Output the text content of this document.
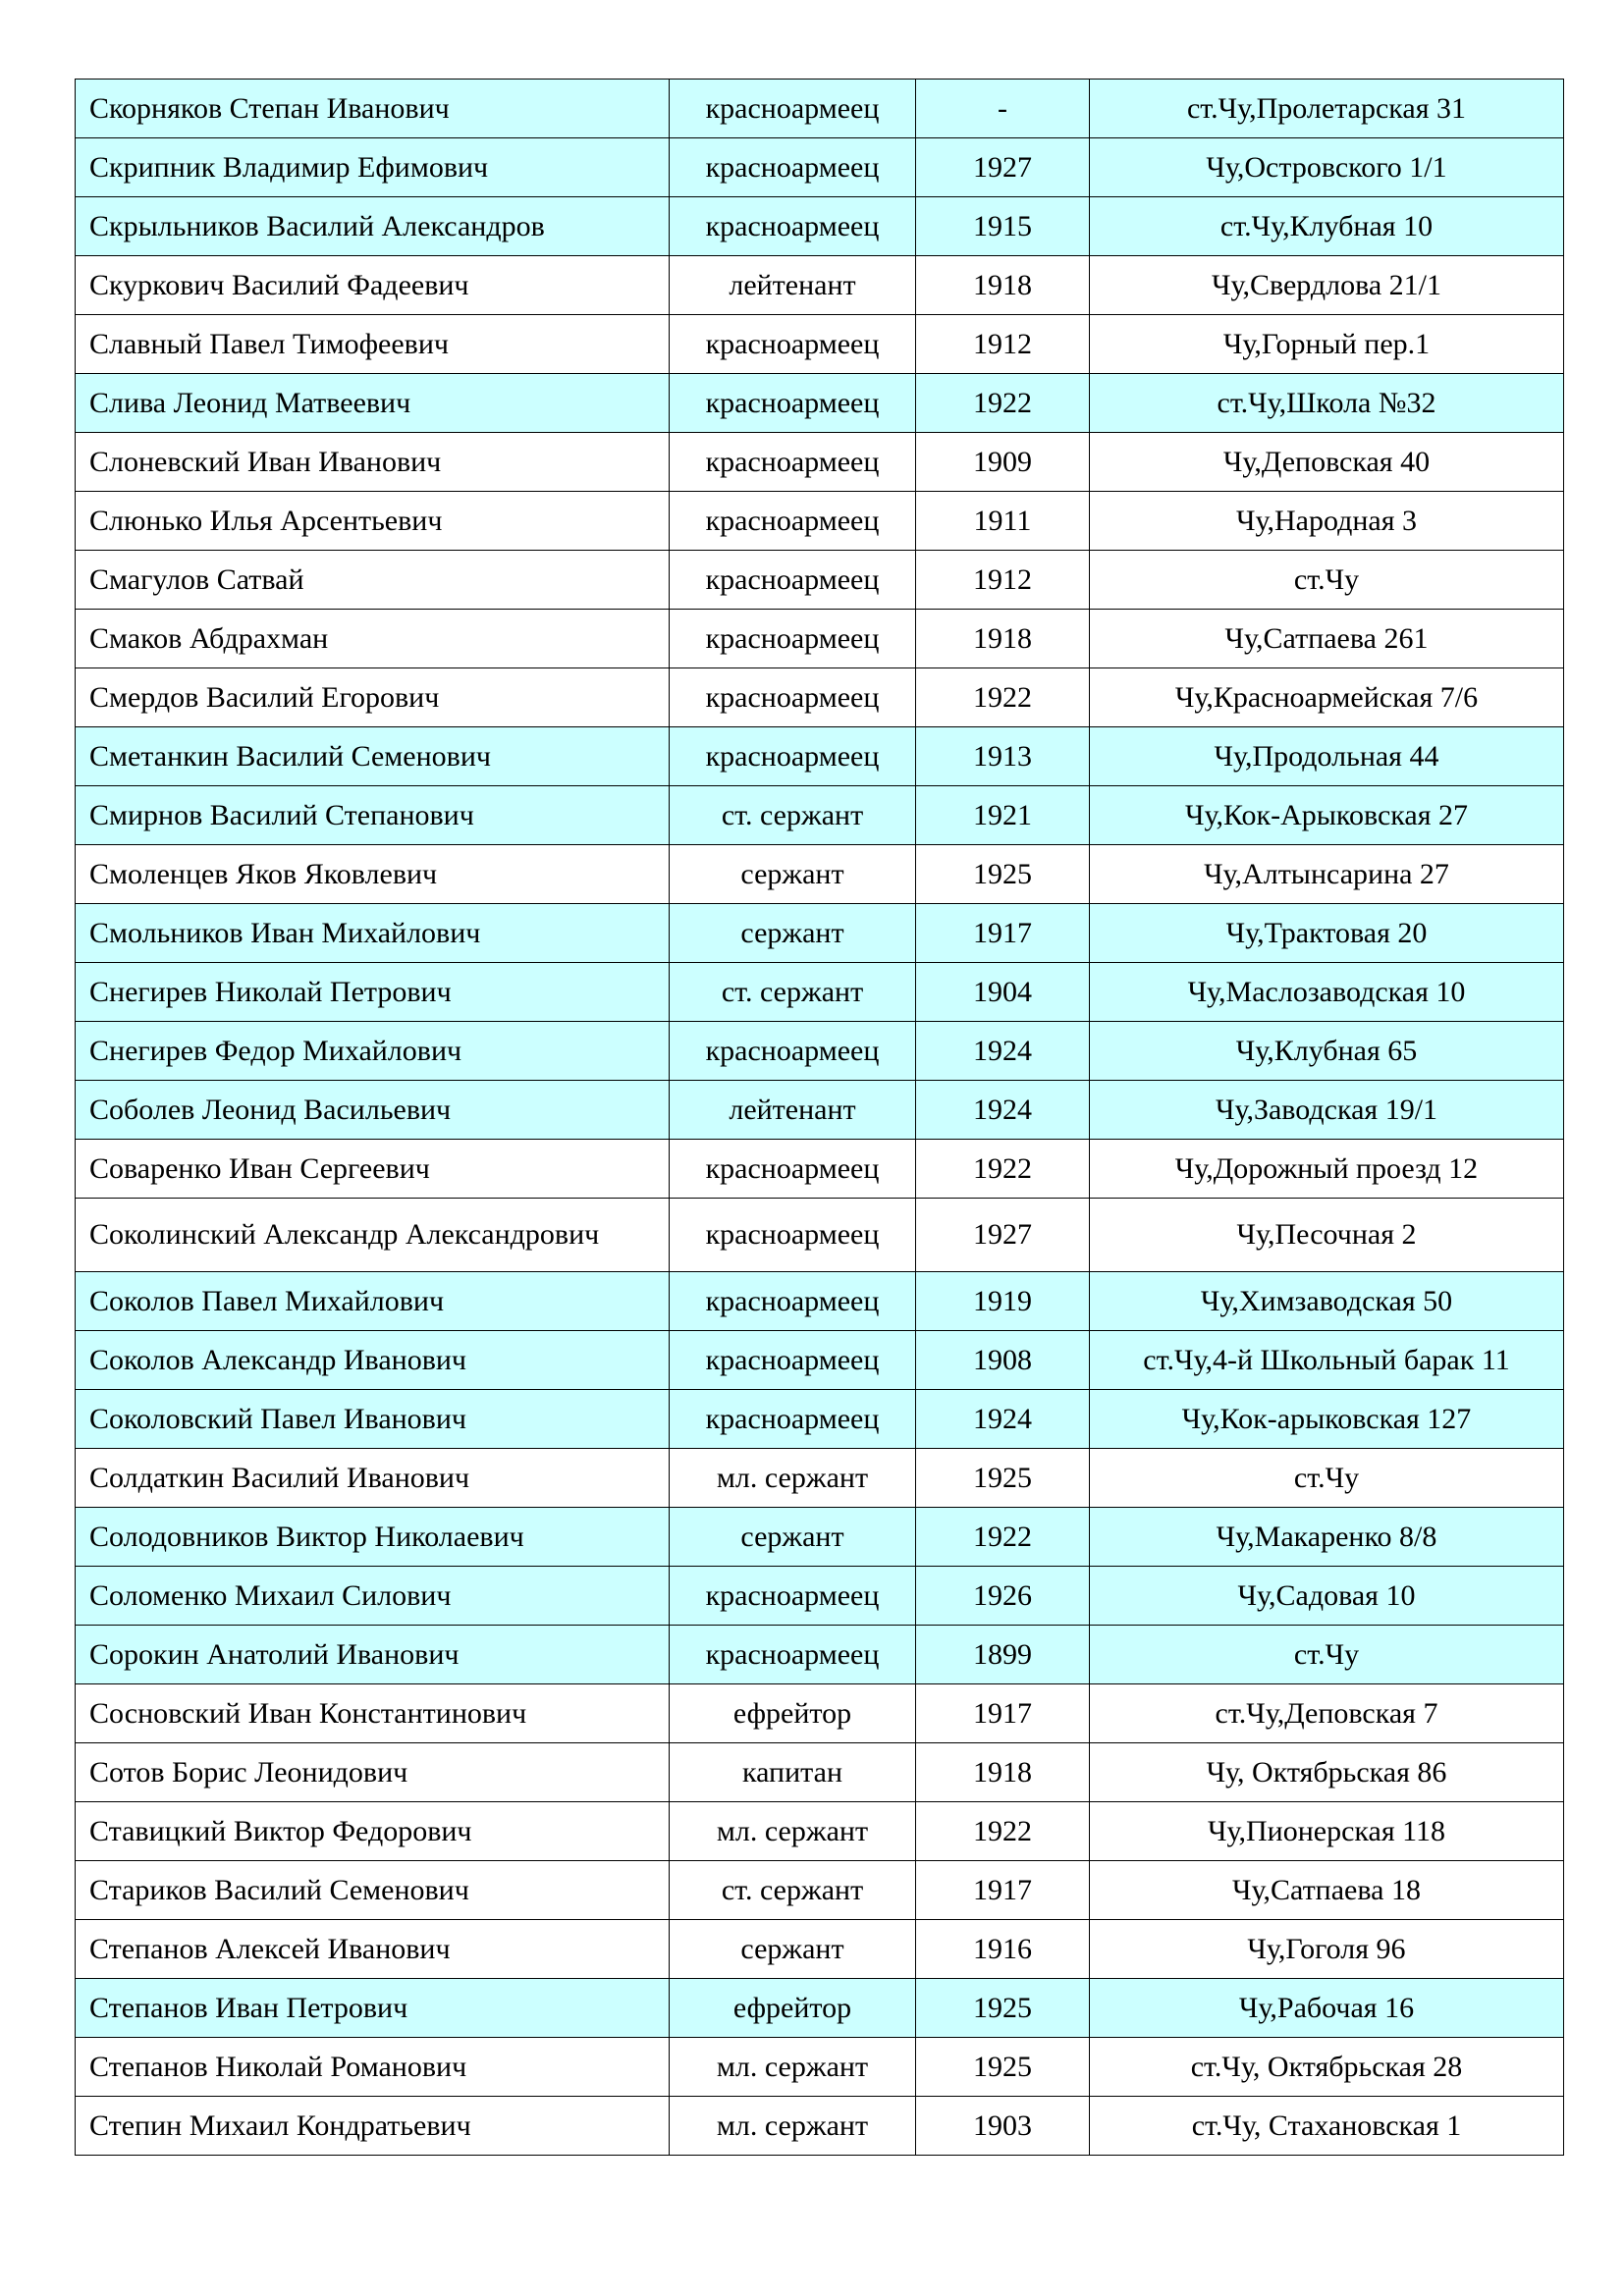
Скорняков Степан Иванович	красноармеец	-	ст.Чу,Пролетарская 31
Скрипник Владимир Ефимович	красноармеец	1927	Чу,Островского 1/1
Скрыльников Василий Александров	красноармеец	1915	ст.Чу,Клубная 10
Скуркович Василий Фадеевич	лейтенант	1918	Чу,Свердлова 21/1
Славный Павел Тимофеевич	красноармеец	1912	Чу,Горный пер.1
Слива Леонид Матвеевич	красноармеец	1922	ст.Чу,Школа №32
Слоневский Иван Иванович	красноармеец	1909	Чу,Деповская 40
Слюнько Илья Арсентьевич	красноармеец	1911	Чу,Народная 3
Смагулов Сатвай	красноармеец	1912	ст.Чу
Смаков Абдрахман	красноармеец	1918	Чу,Сатпаева 261
Смердов Василий Егорович	красноармеец	1922	Чу,Красноармейская 7/6
Сметанкин Василий Семенович	красноармеец	1913	Чу,Продольная 44
Смирнов Василий Степанович	ст. сержант	1921	Чу,Кок-Арыковская 27
Смоленцев Яков Яковлевич	сержант	1925	Чу,Алтынсарина 27
Смольников Иван Михайлович	сержант	1917	Чу,Трактовая 20
Снегирев Николай Петрович	ст. сержант	1904	Чу,Маслозаводская 10
Снегирев Федор Михайлович	красноармеец	1924	Чу,Клубная 65
Соболев Леонид Васильевич	лейтенант	1924	Чу,Заводская 19/1
Соваренко Иван Сергеевич	красноармеец	1922	Чу,Дорожный проезд 12
Соколинский Александр Александрович	красноармеец	1927	Чу,Песочная 2
Соколов Павел Михайлович	красноармеец	1919	Чу,Химзаводская 50
Соколов Александр Иванович	красноармеец	1908	ст.Чу,4-й Школьный барак 11
Соколовский Павел Иванович	красноармеец	1924	Чу,Кок-арыковская 127
Солдаткин Василий Иванович	мл. сержант	1925	ст.Чу
Солодовников Виктор Николаевич	сержант	1922	Чу,Макаренко 8/8
Соломенко Михаил Силович	красноармеец	1926	Чу,Садовая 10
Сорокин Анатолий Иванович	красноармеец	1899	ст.Чу
Сосновский Иван Константинович	ефрейтор	1917	ст.Чу,Деповская 7
Сотов Борис Леонидович	капитан	1918	Чу, Октябрьская 86
Ставицкий Виктор Федорович	мл. сержант	1922	Чу,Пионерская 118
Стариков Василий Семенович	ст. сержант	1917	Чу,Сатпаева 18
Степанов Алексей Иванович	сержант	1916	Чу,Гоголя 96
Степанов Иван Петрович	ефрейтор	1925	Чу,Рабочая 16
Степанов Николай Романович	мл. сержант	1925	ст.Чу, Октябрьская 28
Степин Михаил Кондратьевич	мл. сержант	1903	ст.Чу, Стахановская 1
